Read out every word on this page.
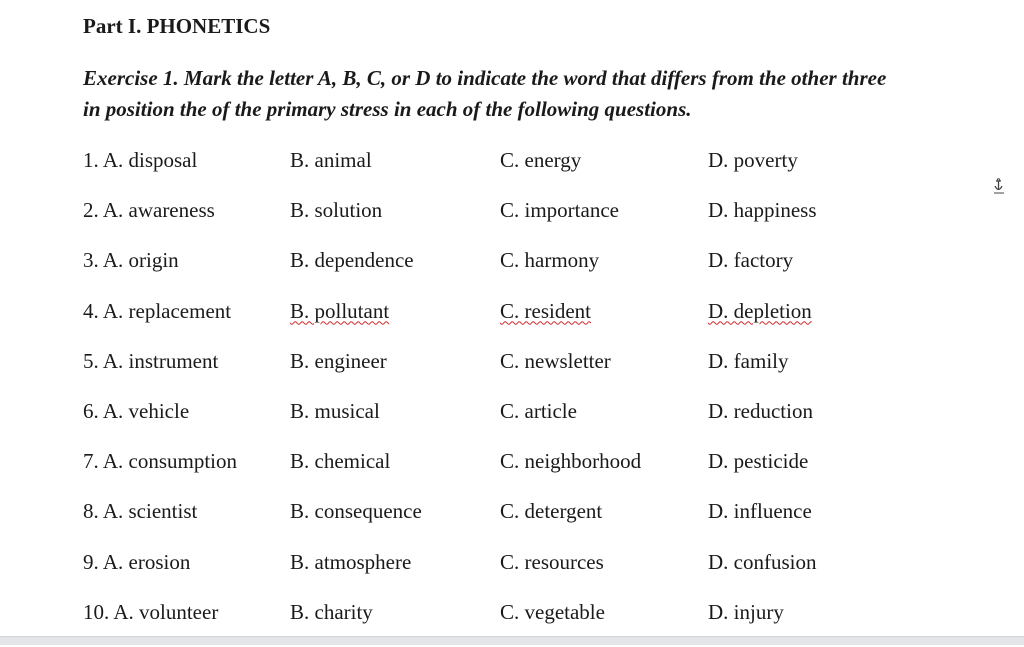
Part I. PHONETICS

Exercise 1. Mark the letter A, B, C, or D to indicate the word that differs from the other three
in position the of the primary stress in each of the following questions.

1. A. disposal	B. animal	C. energy	D. poverty
2. A. awareness	B. solution	C. importance	D. happiness
3. A. origin	B. dependence	C. harmony	D. factory
4. A. replacement	B. pollutant	C. resident	D. depletion
5. A. instrument	B. engineer	C. newsletter	D. family
6. A. vehicle	B. musical	C. article	D. reduction
7. A. consumption	B. chemical	C. neighborhood	D. pesticide
8. A. scientist	B. consequence	C. detergent	D. influence
9. A. erosion	B. atmosphere	C. resources	D. confusion
10. A. volunteer	B. charity	C. vegetable	D. injury
